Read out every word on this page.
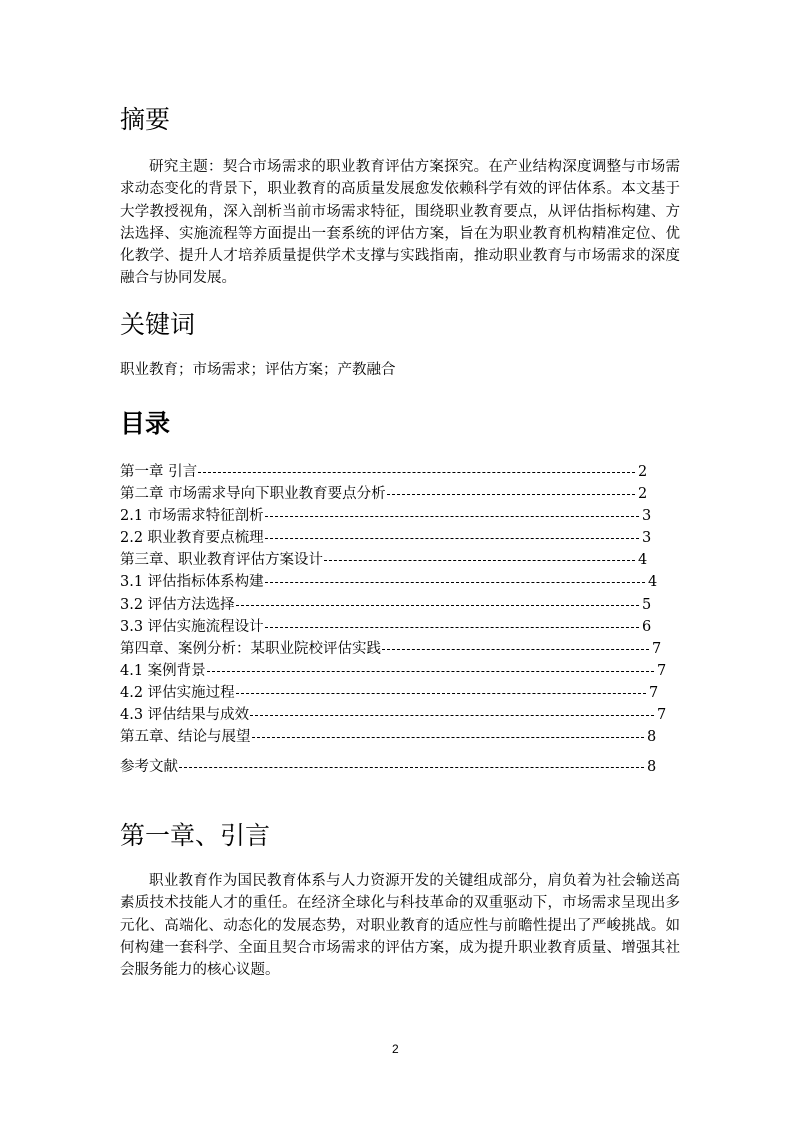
摘要
研究主题：契合市场需求的职业教育评估方案探究。在产业结构深度调整与市场需求动态变化的背景下，职业教育的高质量发展愈发依赖科学有效的评估体系。本文基于大学教授视角，深入剖析当前市场需求特征，围绕职业教育要点，从评估指标构建、方法选择、实施流程等方面提出一套系统的评估方案，旨在为职业教育机构精准定位、优化教学、提升人才培养质量提供学术支撑与实践指南，推动职业教育与市场需求的深度融合与协同发展。
关键词
职业教育；市场需求；评估方案；产教融合
目录
第一章 引言	2
第二章 市场需求导向下职业教育要点分析	2
2.1 市场需求特征剖析	3
2.2 职业教育要点梳理	3
第三章、职业教育评估方案设计	4
3.1 评估指标体系构建	4
3.2 评估方法选择	5
3.3 评估实施流程设计	6
第四章、案例分析：某职业院校评估实践	7
4.1 案例背景	7
4.2 评估实施过程	7
4.3 评估结果与成效	7
第五章、结论与展望	8
参考文献	8
第一章、引言
职业教育作为国民教育体系与人力资源开发的关键组成部分，肩负着为社会输送高素质技术技能人才的重任。在经济全球化与科技革命的双重驱动下，市场需求呈现出多元化、高端化、动态化的发展态势，对职业教育的适应性与前瞻性提出了严峻挑战。如何构建一套科学、全面且契合市场需求的评估方案，成为提升职业教育质量、增强其社会服务能力的核心议题。
2
